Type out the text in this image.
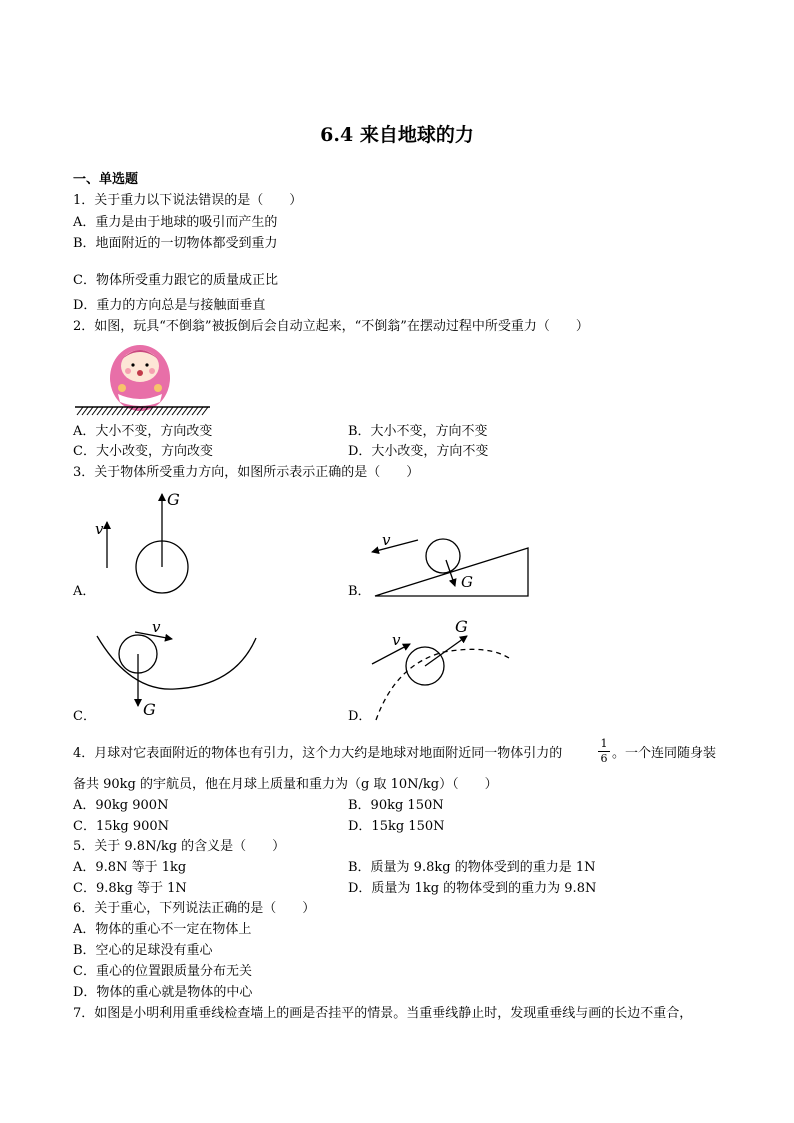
6.4 来自地球的力
一、单选题
1．关于重力以下说法错误的是（　　）
A．重力是由于地球的吸引而产生的
B．地面附近的一切物体都受到重力
C．物体所受重力跟它的质量成正比
D．重力的方向总是与接触面垂直
2．如图，玩具“不倒翁”被扳倒后会自动立起来，“不倒翁”在摆动过程中所受重力（　　）
A．大小不变，方向改变	B．大小不变，方向不变
C．大小改变，方向改变	D．大小改变，方向不变
3．关于物体所受重力方向，如图所示表示正确的是（　　）
v
G
v
G
v
G
v
G
A．	B．
C．	D．
4．月球对它表面附近的物体也有引力，这个力大约是地球对地面附近同一物体引力的
1
6 。一个连同随身装
备共 90kg 的宇航员，他在月球上质量和重力为（g 取 10N/kg）（　　）
A．90kg 900N	B．90kg 150N
C．15kg 900N	D．15kg 150N
5．关于 9.8N/kg 的含义是（　　）
A．9.8N 等于 1kg	B．质量为 9.8kg 的物体受到的重力是 1N
C．9.8kg 等于 1N	D．质量为 1kg 的物体受到的重力为 9.8N
6．关于重心，下列说法正确的是（　　）
A．物体的重心不一定在物体上
B．空心的足球没有重心
C．重心的位置跟质量分布无关
D．物体的重心就是物体的中心
7．如图是小明利用重垂线检查墙上的画是否挂平的情景。当重垂线静止时，发现重垂线与画的长边不重合，
